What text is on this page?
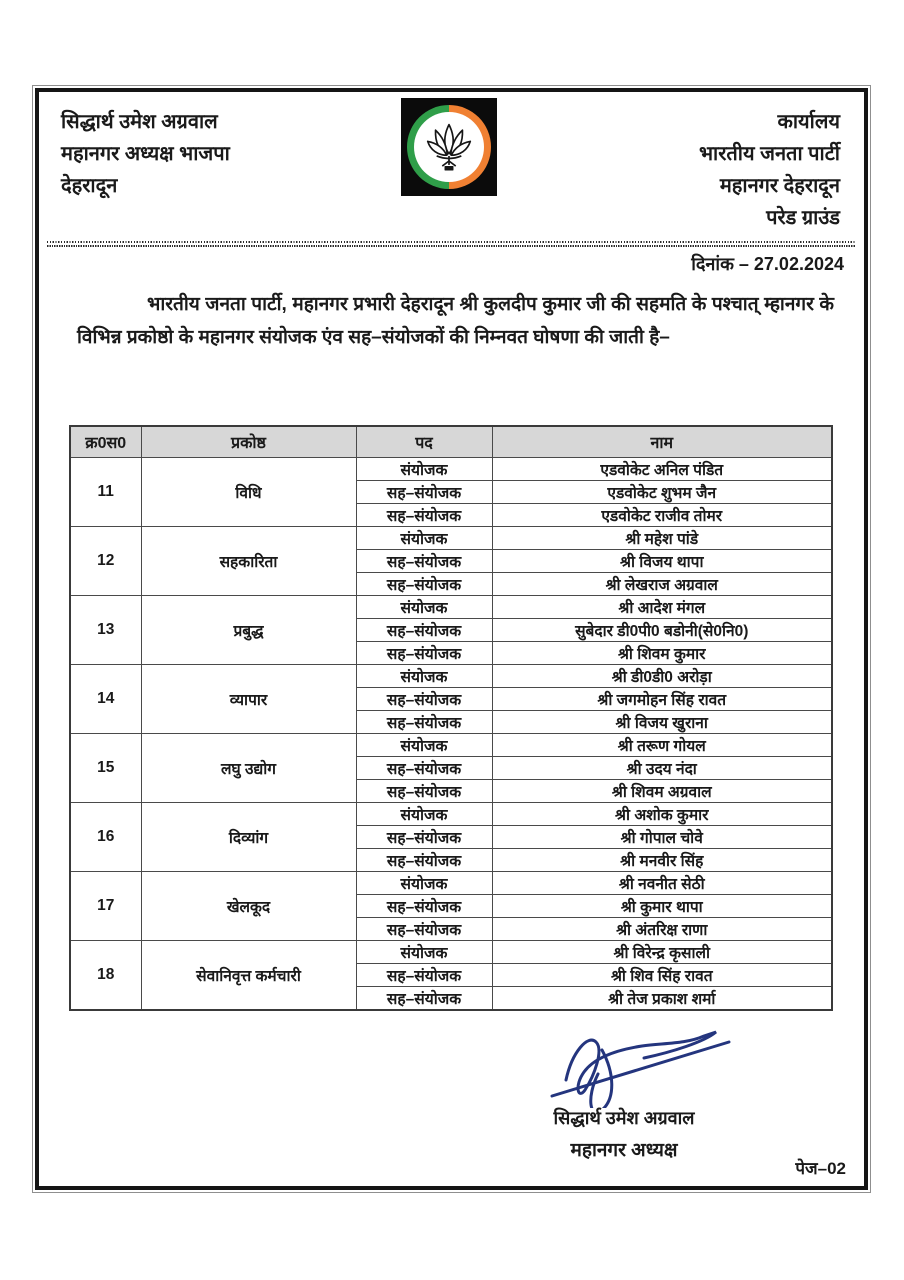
सिद्धार्थ उमेश अग्रवाल
महानगर अध्यक्ष भाजपा
देहरादून
कार्यालय
भारतीय जनता पार्टी
महानगर देहरादून
परेड ग्राउंड
दिनांक – 27.02.2024

भारतीय जनता पार्टी, महानगर प्रभारी देहरादून श्री कुलदीप कुमार जी की सहमति के पश्चात् म्हानगर के विभिन्न प्रकोष्ठो के महानगर संयोजक एंव सह–संयोजकों की निम्नवत घोषणा की जाती है–

क्र0स0	प्रकोष्ठ	पद	नाम
11	विधि	संयोजक	एडवोकेट अनिल पंडित
		सह–संयोजक	एडवोकेट शुभम जैन
		सह–संयोजक	एडवोकेट राजीव तोमर
12	सहकारिता	संयोजक	श्री महेश पांडे
		सह–संयोजक	श्री विजय थापा
		सह–संयोजक	श्री लेखराज अग्रवाल
13	प्रबुद्ध	संयोजक	श्री आदेश मंगल
		सह–संयोजक	सुबेदार डी0पी0 बडोनी(से0नि0)
		सह–संयोजक	श्री शिवम कुमार
14	व्यापार	संयोजक	श्री डी0डी0 अरोड़ा
		सह–संयोजक	श्री जगमोहन सिंह रावत
		सह–संयोजक	श्री विजय खुराना
15	लघु उद्योग	संयोजक	श्री तरूण गोयल
		सह–संयोजक	श्री उदय नंदा
		सह–संयोजक	श्री शिवम अग्रवाल
16	दिव्यांग	संयोजक	श्री अशोक कुमार
		सह–संयोजक	श्री गोपाल चोवे
		सह–संयोजक	श्री मनवीर सिंह
17	खेलकूद	संयोजक	श्री नवनीत सेठी
		सह–संयोजक	श्री कुमार थापा
		सह–संयोजक	श्री अंतरिक्ष राणा
18	सेवानिवृत्त कर्मचारी	संयोजक	श्री विरेन्द्र कृसाली
		सह–संयोजक	श्री शिव सिंह रावत
		सह–संयोजक	श्री तेज प्रकाश शर्मा
सिद्धार्थ उमेश अग्रवाल
महानगर अध्यक्ष
पेज–02
